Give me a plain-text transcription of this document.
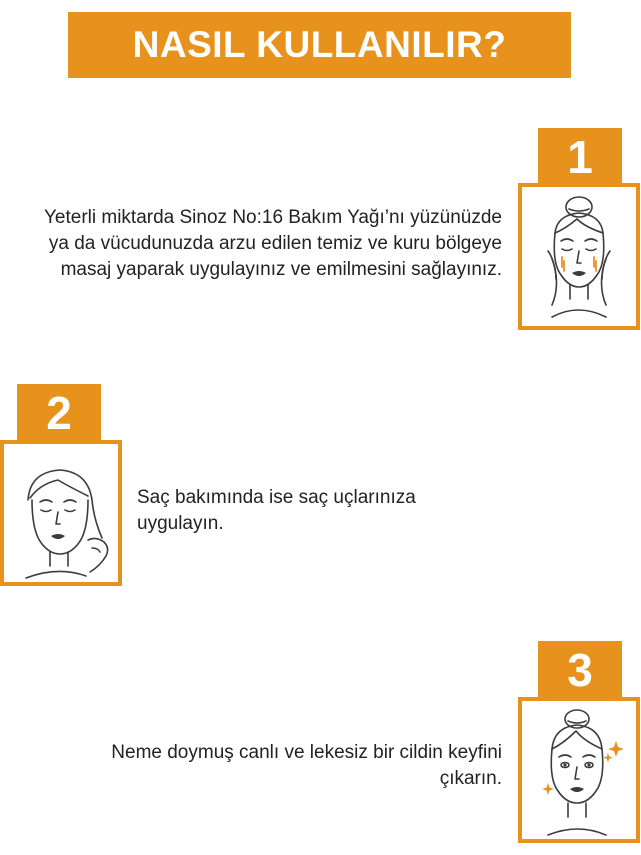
NASIL KULLANILIR?
1
Yeterli miktarda Sinoz No:16 Bakım Yağı’nı yüzünüzde ya da vücudunuzda arzu edilen temiz ve kuru bölgeye masaj yaparak uygulayınız ve emilmesini sağlayınız.
2
Saç bakımında ise saç uçlarınıza uygulayın.
3
Neme doymuş canlı ve lekesiz bir cildin keyfini çıkarın.
